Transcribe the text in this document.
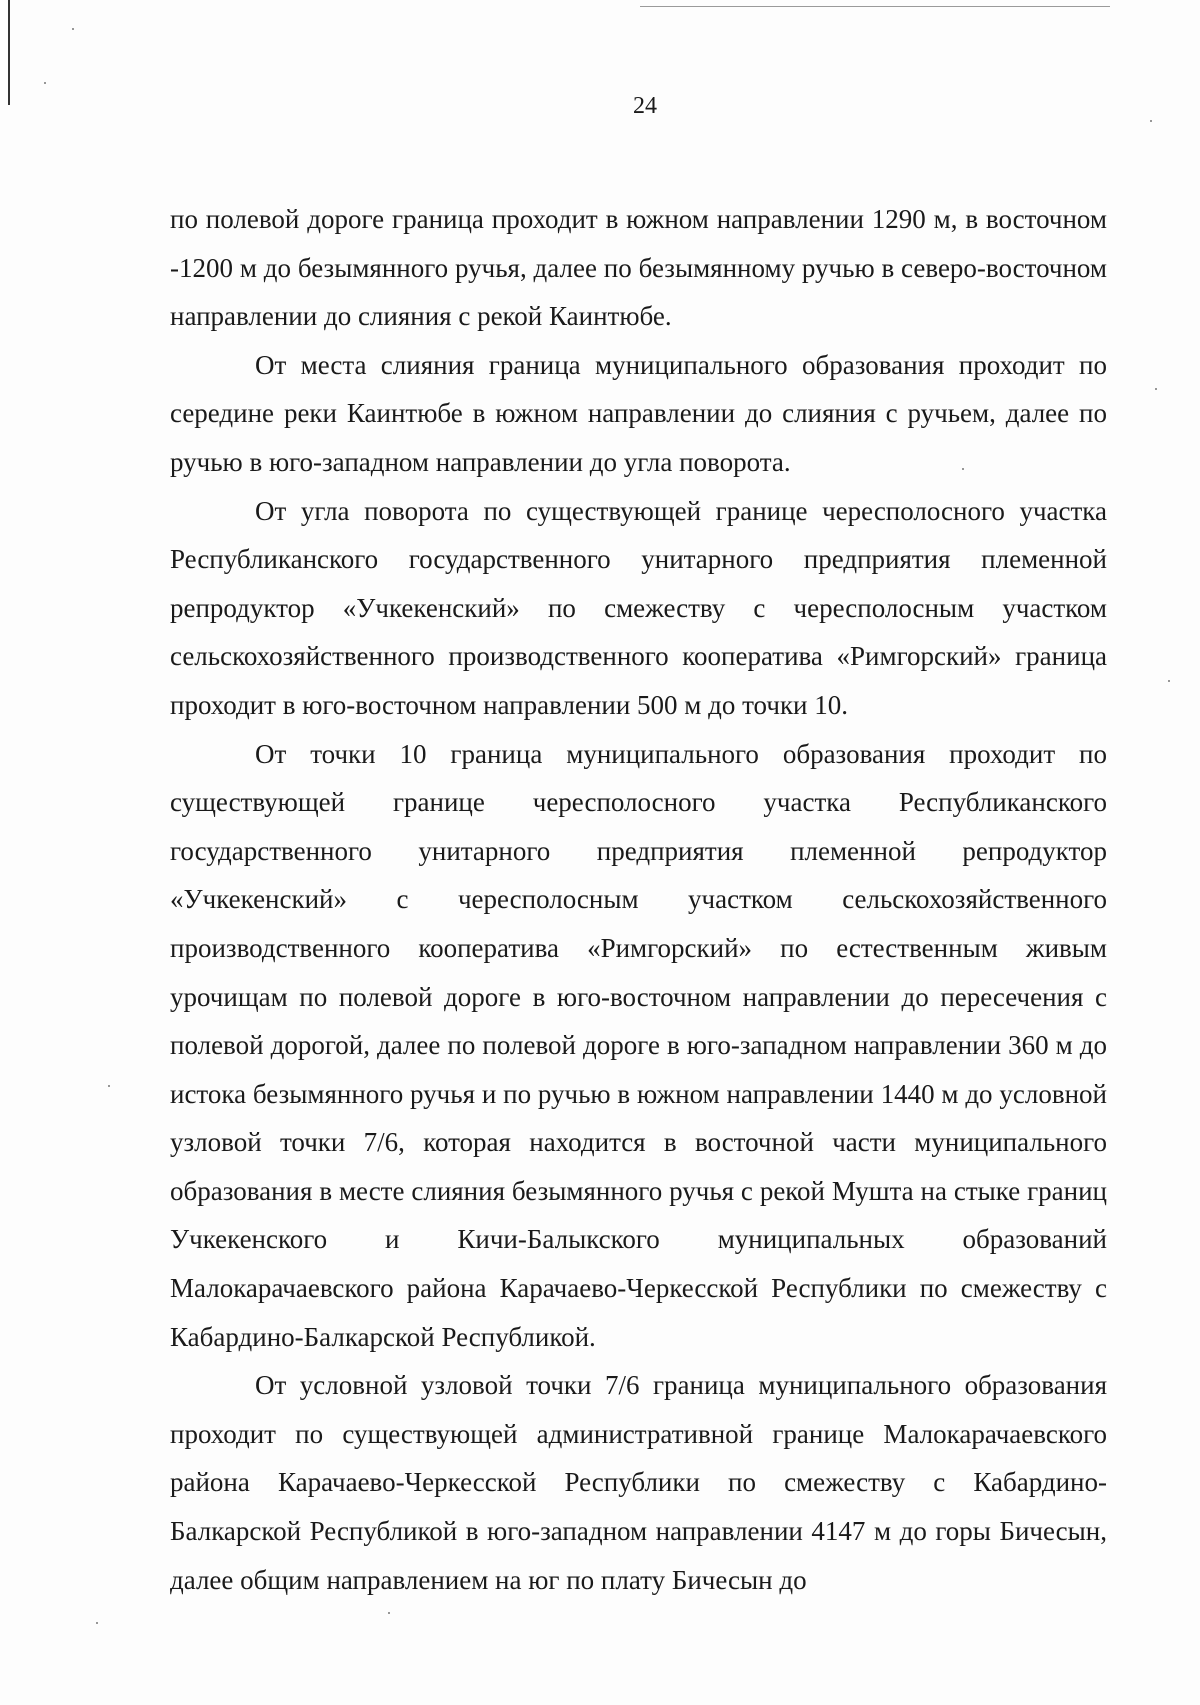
24

по полевой дороге граница проходит в южном направлении 1290 м, в восточном -1200 м до безымянного ручья, далее по безымянному ручью в северо-восточном направлении до слияния с рекой Каинтюбе.

От места слияния граница муниципального образования проходит по середине реки Каинтюбе в южном направлении до слияния с ручьем, далее по ручью в юго-западном направлении до угла поворота.

От угла поворота по существующей границе чересполосного участка Республиканского государственного унитарного предприятия племенной репродуктор «Учкекенский» по смежеству с чересполосным участком сельскохозяйственного производственного кооператива «Римгорский» граница проходит в юго-восточном направлении 500 м до точки 10.

От точки 10 граница муниципального образования проходит по существующей границе чересполосного участка Республиканского государственного унитарного предприятия племенной репродуктор «Учкекенский» с чересполосным участком сельскохозяйственного производственного кооператива «Римгорский» по естественным живым урочищам по полевой дороге в юго-восточном направлении до пересечения с полевой дорогой, далее по полевой дороге в юго-западном направлении 360 м до истока безымянного ручья и по ручью в южном направлении 1440 м до условной узловой точки 7/6, которая находится в восточной части муниципального образования в месте слияния безымянного ручья с рекой Мушта на стыке границ Учкекенского и Кичи-Балыкского муниципальных образований Малокарачаевского района Карачаево-Черкесской Республики по смежеству с Кабардино-Балкарской Республикой.

От условной узловой точки 7/6 граница муниципального образования проходит по существующей административной границе Малокарачаевского района Карачаево-Черкесской Республики по смежеству с Кабардино-Балкарской Республикой в юго-западном направлении 4147 м до горы Бичесын, далее общим направлением на юг по плату Бичесын до
